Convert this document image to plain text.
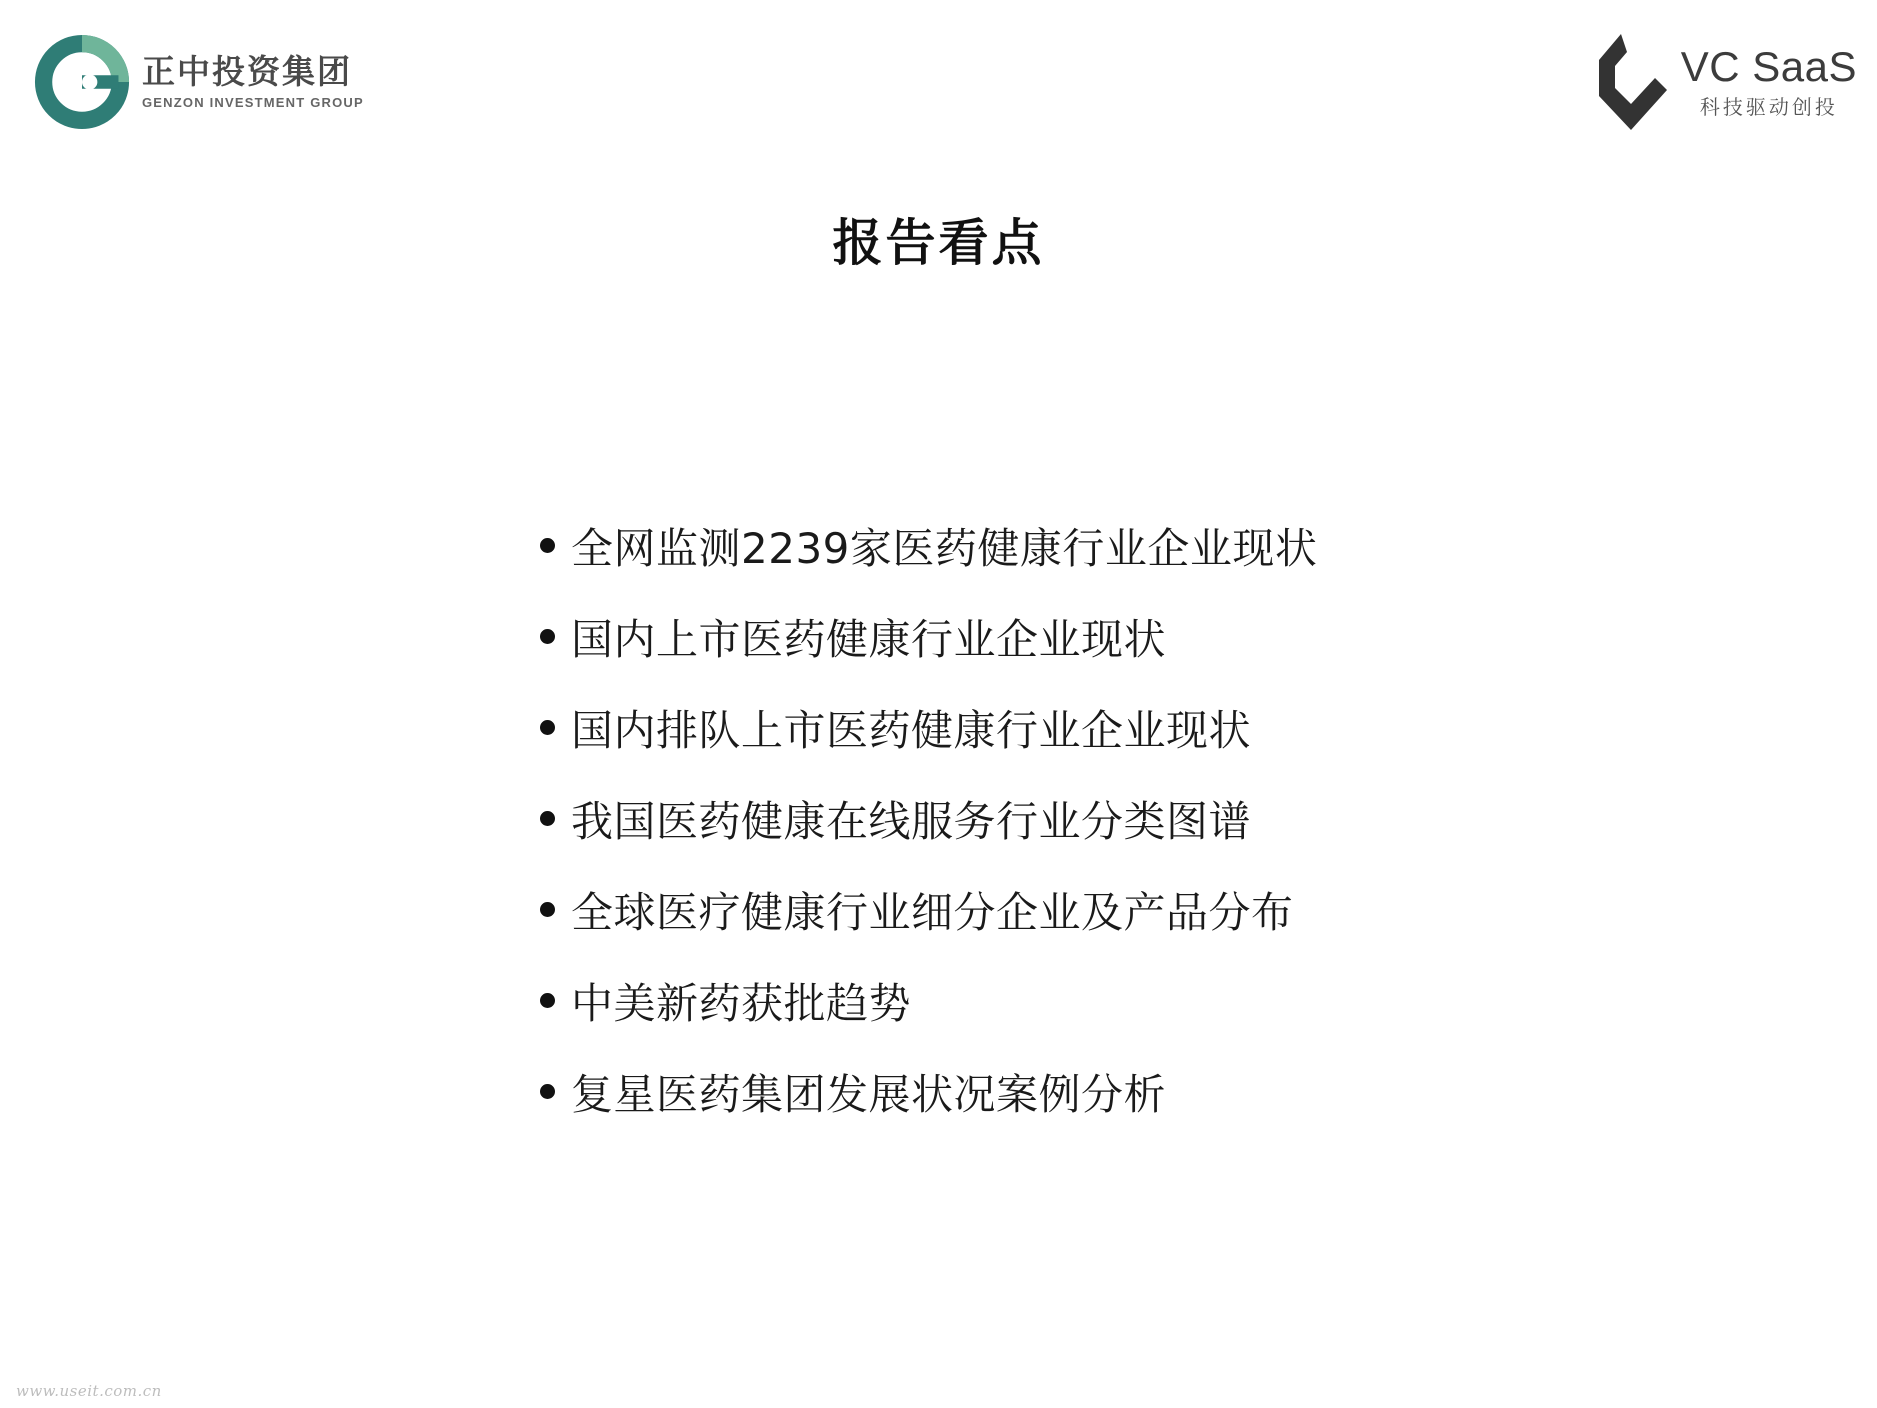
正中投资集团
GENZON INVESTMENT GROUP
VC SaaS
科技驱动创投
报告看点
全网监测2239家医药健康行业企业现状
国内上市医药健康行业企业现状
国内排队上市医药健康行业企业现状
我国医药健康在线服务行业分类图谱
全球医疗健康行业细分企业及产品分布
中美新药获批趋势
复星医药集团发展状况案例分析
www.useit.com.cn
